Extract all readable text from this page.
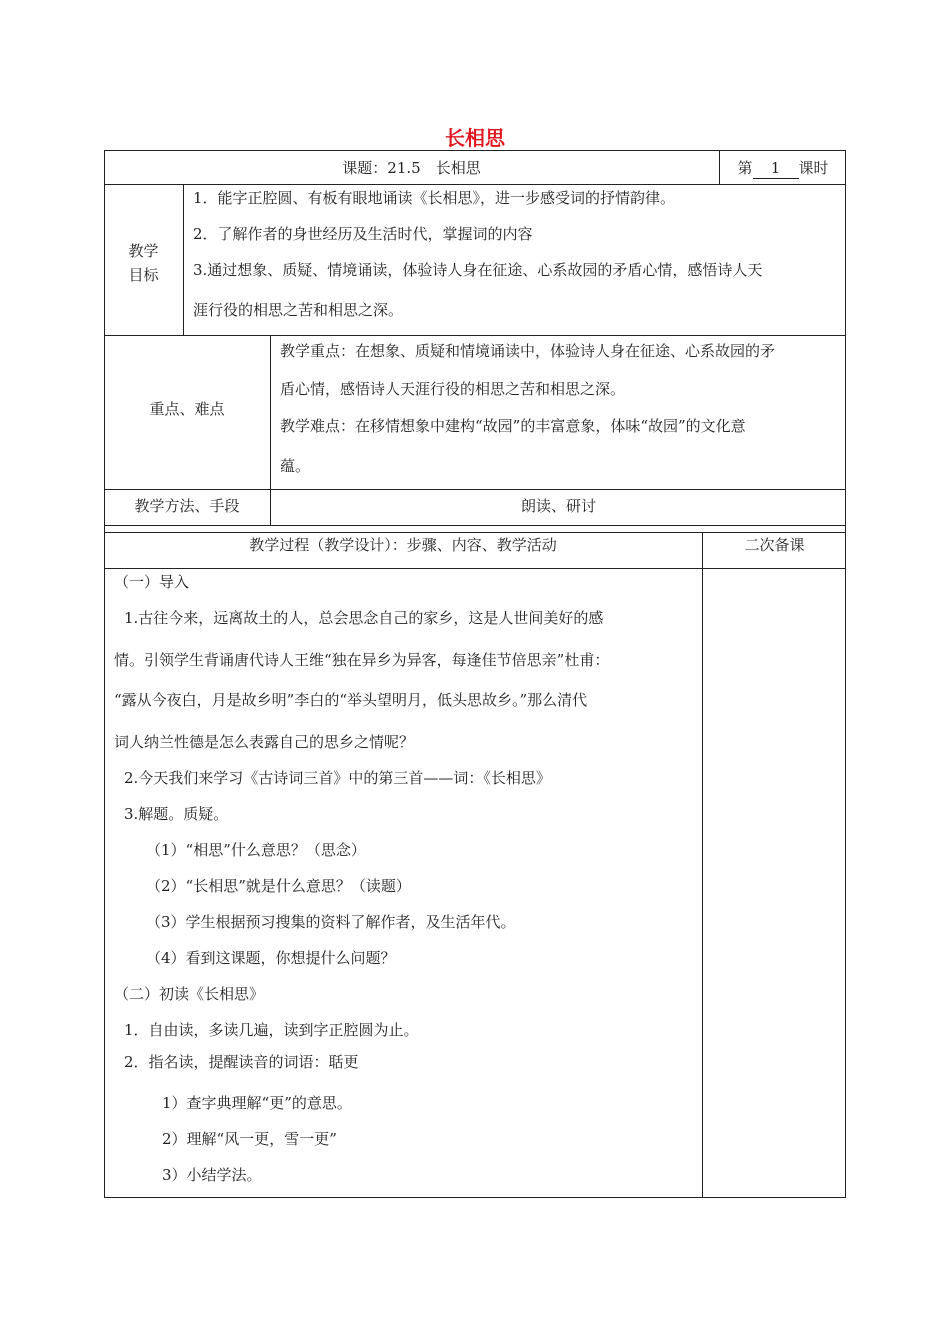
长相思
课题：21.5　长相思	第 1 课时
教学
目标
1．能字正腔圆、有板有眼地诵读《长相思》，进一步感受词的抒情韵律。
2．了解作者的身世经历及生活时代，掌握词的内容
3.通过想象、质疑、情境诵读，体验诗人身在征途、心系故园的矛盾心情，感悟诗人天
涯行役的相思之苦和相思之深。
重点、难点
教学重点：在想象、质疑和情境诵读中，体验诗人身在征途、心系故园的矛
盾心情，感悟诗人天涯行役的相思之苦和相思之深。
教学难点：在移情想象中建构“故园”的丰富意象，体味“故园”的文化意
蕴。
教学方法、手段	朗读、研讨
教学过程（教学设计）：步骤、内容、教学活动	二次备课
（一）导入
1.古往今来，远离故土的人，总会思念自己的家乡，这是人世间美好的感
情。引领学生背诵唐代诗人王维“独在异乡为异客，每逢佳节倍思亲”杜甫：
“露从今夜白，月是故乡明”李白的“举头望明月，低头思故乡。”那么清代
词人纳兰性德是怎么表露自己的思乡之情呢？
2.今天我们来学习《古诗词三首》中的第三首——词：《长相思》
3.解题。质疑。
（1）“相思”什么意思？（思念）
（2）“长相思”就是什么意思？（读题）
（3）学生根据预习搜集的资料了解作者，及生活年代。
（4）看到这课题，你想提什么问题？
（二）初读《长相思》
1．自由读，多读几遍，读到字正腔圆为止。
2．指名读，提醒读音的词语：聒更
1）查字典理解“更”的意思。
2）理解“风一更，雪一更”
3）小结学法。
